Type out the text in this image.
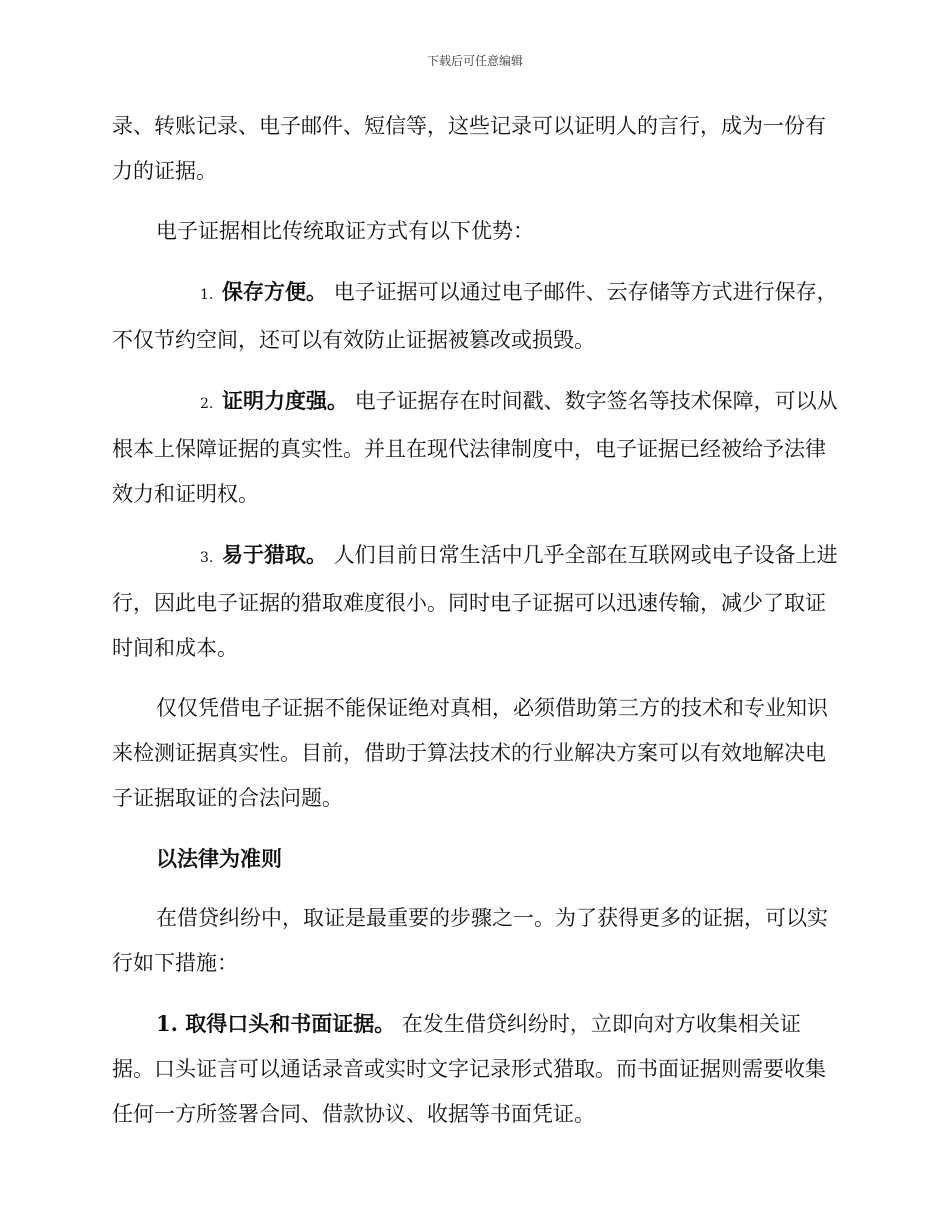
下载后可任意编辑

录、转账记录、电子邮件、短信等，这些记录可以证明人的言行，成为一份有力的证据。

电子证据相比传统取证方式有以下优势：

1. 保存方便。 电子证据可以通过电子邮件、云存储等方式进行保存，不仅节约空间，还可以有效防止证据被篡改或损毁。

2. 证明力度强。 电子证据存在时间戳、数字签名等技术保障，可以从根本上保障证据的真实性。并且在现代法律制度中，电子证据已经被给予法律效力和证明权。

3. 易于猎取。 人们目前日常生活中几乎全部在互联网或电子设备上进行，因此电子证据的猎取难度很小。同时电子证据可以迅速传输，减少了取证时间和成本。

仅仅凭借电子证据不能保证绝对真相，必须借助第三方的技术和专业知识来检测证据真实性。目前，借助于算法技术的行业解决方案可以有效地解决电子证据取证的合法问题。

以法律为准则

在借贷纠纷中，取证是最重要的步骤之一。为了获得更多的证据，可以实行如下措施：

1. 取得口头和书面证据。 在发生借贷纠纷时，立即向对方收集相关证据。口头证言可以通话录音或实时文字记录形式猎取。而书面证据则需要收集任何一方所签署合同、借款协议、收据等书面凭证。
